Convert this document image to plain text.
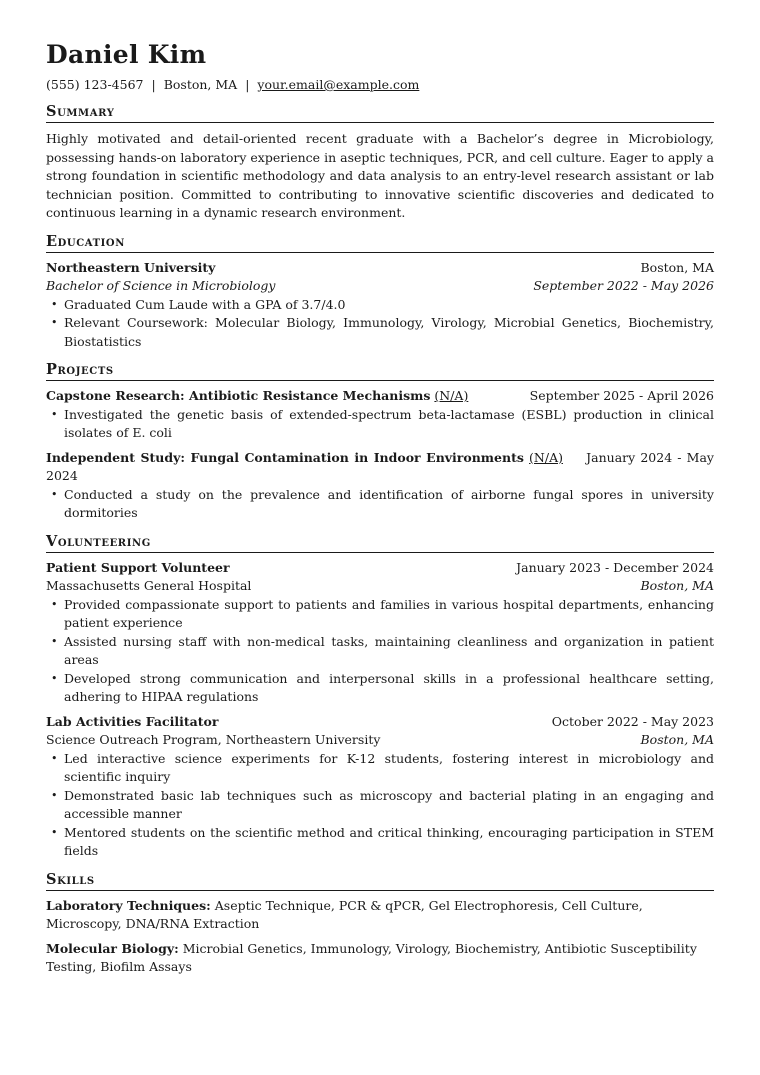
Daniel Kim
(555) 123-4567 | Boston, MA | your.email@example.com
Summary
Highly motivated and detail-oriented recent graduate with a Bachelor’s degree in Microbiology, possessing hands-on laboratory experience in aseptic techniques, PCR, and cell culture. Eager to apply a strong foundation in scientific methodology and data analysis to an entry-level research assistant or lab technician position. Committed to contributing to innovative scientific discoveries and dedicated to continuous learning in a dynamic research environment.
Education
Northeastern University	Boston, MA
Bachelor of Science in Microbiology	September 2022 - May 2026
• Graduated Cum Laude with a GPA of 3.7/4.0
• Relevant Coursework: Molecular Biology, Immunology, Virology, Microbial Genetics, Biochemistry, Biostatistics
Projects
Capstone Research: Antibiotic Resistance Mechanisms (N/A)	September 2025 - April 2026
• Investigated the genetic basis of extended-spectrum beta-lactamase (ESBL) production in clinical isolates of E. coli
Independent Study: Fungal Contamination in Indoor Environments (N/A) January 2024 - May 2024
• Conducted a study on the prevalence and identification of airborne fungal spores in university dormitories
Volunteering
Patient Support Volunteer	January 2023 - December 2024
Massachusetts General Hospital	Boston, MA
• Provided compassionate support to patients and families in various hospital departments, enhancing patient experience
• Assisted nursing staff with non-medical tasks, maintaining cleanliness and organization in patient areas
• Developed strong communication and interpersonal skills in a professional healthcare setting, adhering to HIPAA regulations
Lab Activities Facilitator	October 2022 - May 2023
Science Outreach Program, Northeastern University	Boston, MA
• Led interactive science experiments for K-12 students, fostering interest in microbiology and scientific inquiry
• Demonstrated basic lab techniques such as microscopy and bacterial plating in an engaging and accessible manner
• Mentored students on the scientific method and critical thinking, encouraging participation in STEM fields
Skills
Laboratory Techniques: Aseptic Technique, PCR & qPCR, Gel Electrophoresis, Cell Culture, Microscopy, DNA/RNA Extraction
Molecular Biology: Microbial Genetics, Immunology, Virology, Biochemistry, Antibiotic Susceptibility Testing, Biofilm Assays
